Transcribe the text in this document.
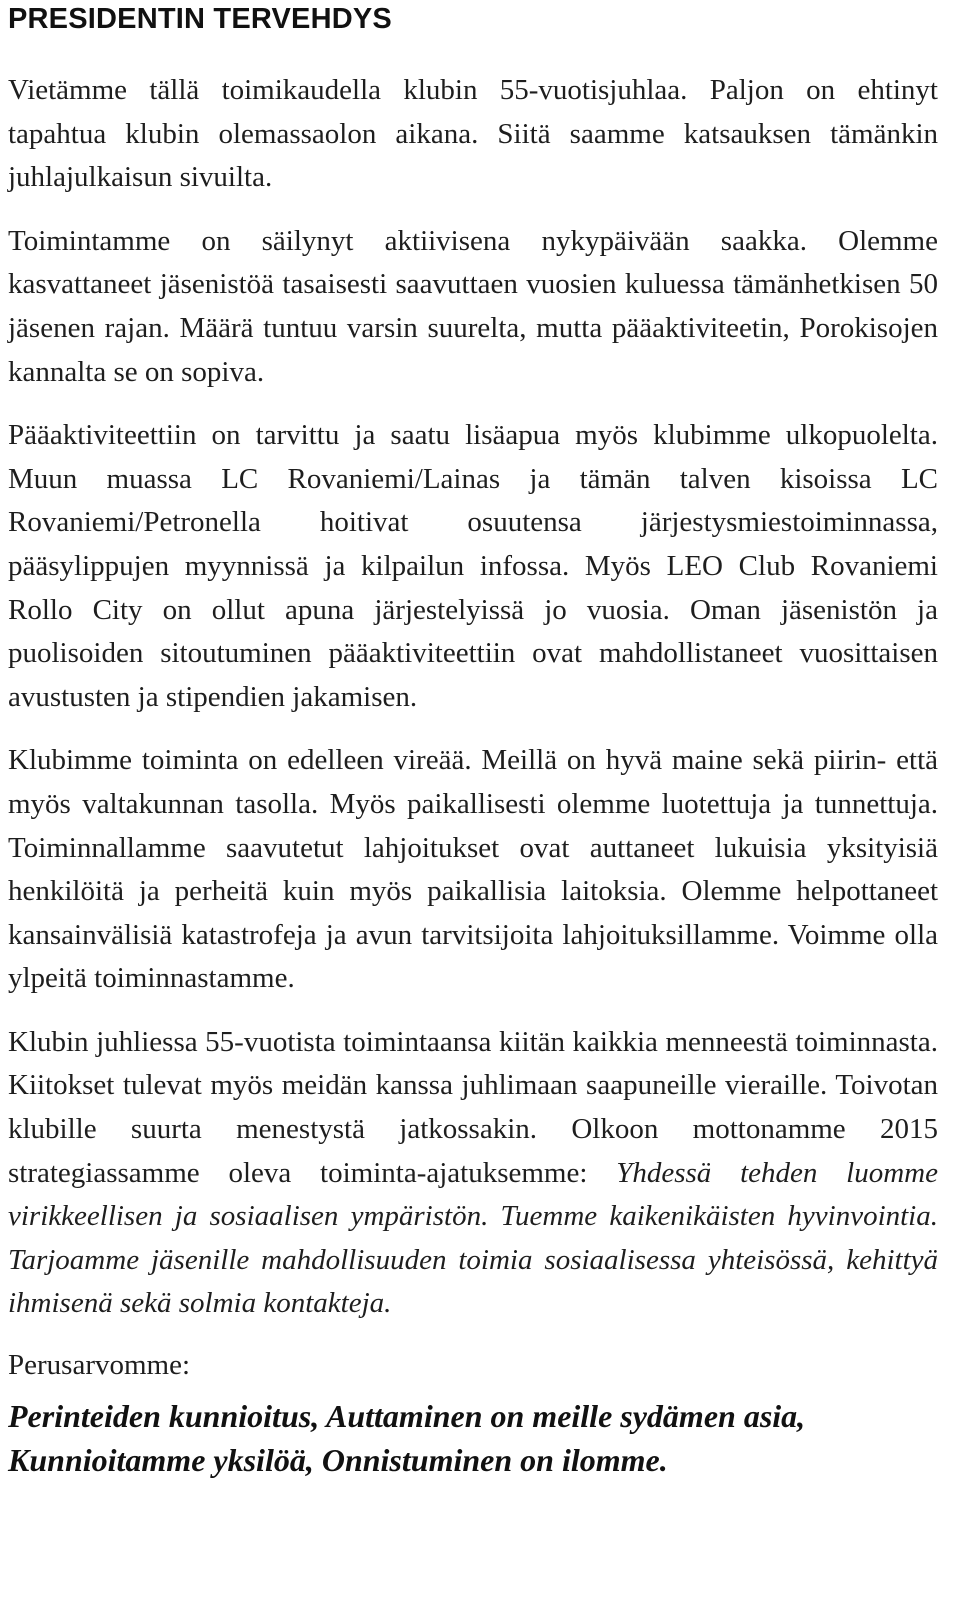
PRESIDENTIN TERVEHDYS

Vietämme tällä toimikaudella klubin 55-vuotisjuhlaa. Paljon on ehtinyt tapahtua klubin olemassaolon aikana. Siitä saamme katsauksen tämänkin juhlajulkaisun sivuilta.

Toimintamme on säilynyt aktiivisena nykypäivään saakka. Olemme kasvattaneet jäsenistöä tasaisesti saavuttaen vuosien kuluessa tämänhetkisen 50 jäsenen rajan. Määrä tuntuu varsin suurelta, mutta pääaktiviteetin, Porokisojen kannalta se on sopiva.

Pääaktiviteettiin on tarvittu ja saatu lisäapua myös klubimme ulkopuolelta. Muun muassa LC Rovaniemi/Lainas ja tämän talven kisoissa LC Rovaniemi/Petronella hoitivat osuutensa järjestysmiestoiminnassa, pääsylippujen myynnissä ja kilpailun infossa. Myös LEO Club Rovaniemi Rollo City on ollut apuna järjestelyissä jo vuosia. Oman jäsenistön ja puolisoiden sitoutuminen pääaktiviteettiin ovat mahdollistaneet vuosittaisen avustusten ja stipendien jakamisen.

Klubimme toiminta on edelleen vireää. Meillä on hyvä maine sekä piirin- että myös valtakunnan tasolla. Myös paikallisesti olemme luotettuja ja tunnettuja. Toiminnallamme saavutetut lahjoitukset ovat auttaneet lukuisia yksityisiä henkilöitä ja perheitä kuin myös paikallisia laitoksia. Olemme helpottaneet kansainvälisiä katastrofeja ja avun tarvitsijoita lahjoituksillamme. Voimme olla ylpeitä toiminnastamme.

Klubin juhliessa 55-vuotista toimintaansa kiitän kaikkia menneestä toiminnasta. Kiitokset tulevat myös meidän kanssa juhlimaan saapuneille vieraille. Toivotan klubille suurta menestystä jatkossakin. Olkoon mottonamme 2015 strategiassamme oleva toiminta-ajatuksemme: Yhdessä tehden luomme virikkeellisen ja sosiaalisen ympäristön. Tuemme kaikenikäisten hyvinvointia. Tarjoamme jäsenille mahdollisuuden toimia sosiaalisessa yhteisössä, kehittyä ihmisenä sekä solmia kontakteja.

Perusarvomme:

Perinteiden kunnioitus, Auttaminen on meille sydämen asia,
Kunnioitamme yksilöä, Onnistuminen on ilomme.
